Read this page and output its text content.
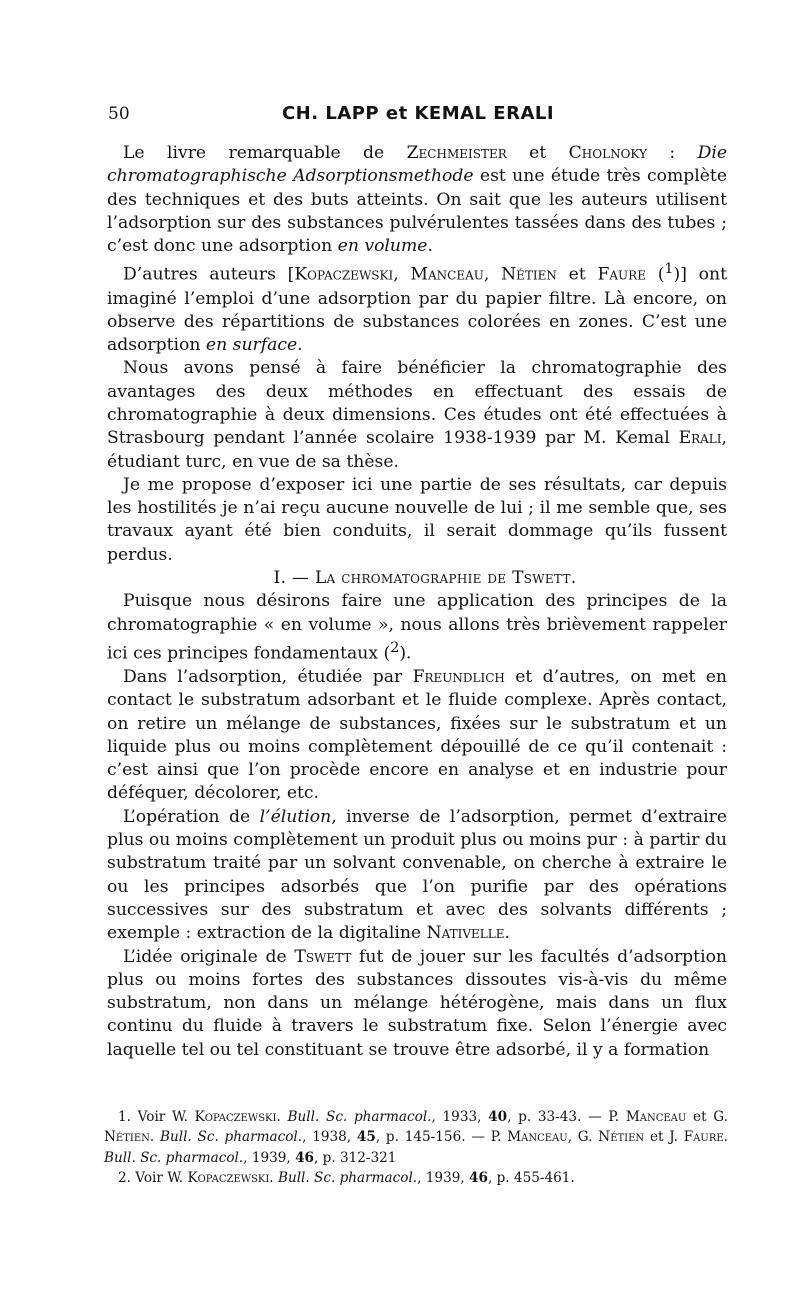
50	CH. LAPP et KEMAL ERALI

Le livre remarquable de Zechmeister et Cholnoky : Die chromatographische Adsorptionsmethode est une étude très complète des techniques et des buts atteints. On sait que les auteurs utilisent l’adsorption sur des substances pulvérulentes tassées dans des tubes ; c’est donc une adsorption en volume.

D’autres auteurs [Kopaczewski, Manceau, Nétien et Faure ($^1$)] ont imaginé l’emploi d’une adsorption par du papier filtre. Là encore, on observe des répartitions de substances colorées en zones. C’est une adsorption en surface.

Nous avons pensé à faire bénéficier la chromatographie des avantages des deux méthodes en effectuant des essais de chromatographie à deux dimensions. Ces études ont été effectuées à Strasbourg pendant l’année scolaire 1938-1939 par M. Kemal Erali, étudiant turc, en vue de sa thèse.

Je me propose d’exposer ici une partie de ses résultats, car depuis les hostilités je n’ai reçu aucune nouvelle de lui ; il me semble que, ses travaux ayant été bien conduits, il serait dommage qu’ils fussent perdus.

I. — La chromatographie de Tswett.

Puisque nous désirons faire une application des principes de la chromatographie « en volume », nous allons très brièvement rappeler ici ces principes fondamentaux ($^2$).

Dans l’adsorption, étudiée par Freundlich et d’autres, on met en contact le substratum adsorbant et le fluide complexe. Après contact, on retire un mélange de substances, fixées sur le substratum et un liquide plus ou moins complètement dépouillé de ce qu’il contenait : c’est ainsi que l’on procède encore en analyse et en industrie pour déféquer, décolorer, etc.

L’opération de l’élution, inverse de l’adsorption, permet d’extraire plus ou moins complètement un produit plus ou moins pur : à partir du substratum traité par un solvant convenable, on cherche à extraire le ou les principes adsorbés que l’on purifie par des opérations successives sur des substratum et avec des solvants différents ; exemple : extraction de la digitaline Nativelle.

L’idée originale de Tswett fut de jouer sur les facultés d’adsorption plus ou moins fortes des substances dissoutes vis-à-vis du même substratum, non dans un mélange hétérogène, mais dans un flux continu du fluide à travers le substratum fixe. Selon l’énergie avec laquelle tel ou tel constituant se trouve être adsorbé, il y a formation

1. Voir W. Kopaczewski. Bull. Sc. pharmacol., 1933, 40, p. 33-43. — P. Manceau et G. Nétien. Bull. Sc. pharmacol., 1938, 45, p. 145-156. — P. Manceau, G. Nétien et J. Faure. Bull. Sc. pharmacol., 1939, 46, p. 312-321

2. Voir W. Kopaczewski. Bull. Sc. pharmacol., 1939, 46, p. 455-461.
